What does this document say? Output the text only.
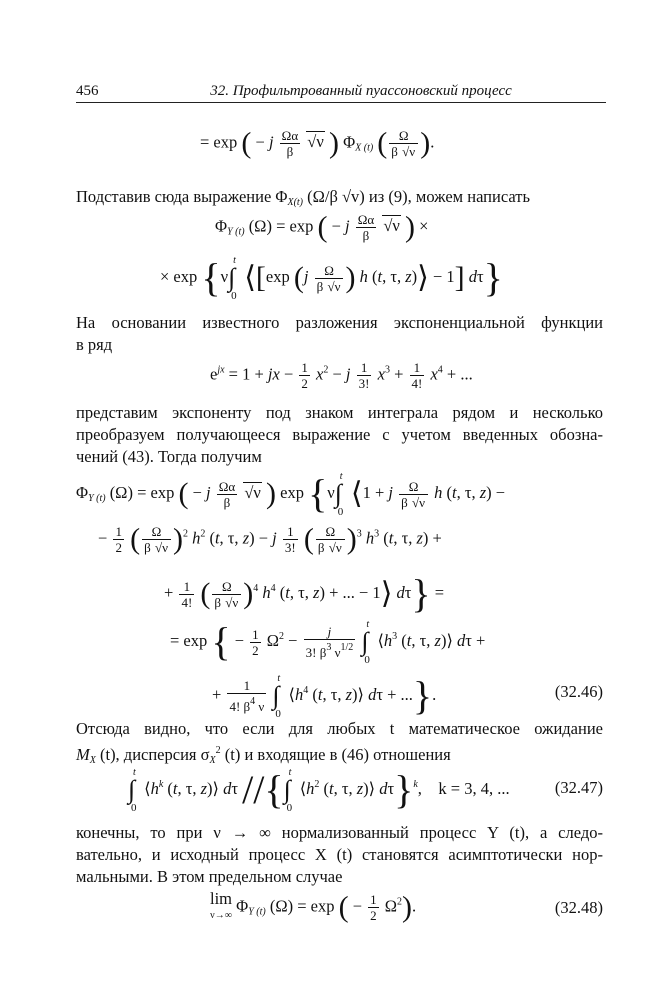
456	32. Профильтрованный пуассоновский процесс
= exp ( − j $\frac{\Omega\alpha}{\beta} √\nu$ ) $\Phi_{X (t)}$ ( $\frac{\Omega}{\beta √\nu}$ ).
Подставив сюда выражение $\Phi_{X(t)}$ (Ω/β √v) из (9), можем написать
$\Phi_{Y (t)}$ (Ω) = exp ( − j $\frac{\Omega\alpha}{\beta} √\nu$ ) ×
× exp {ν∫
t
0
⟨[exp ($j \frac{\Omega}{\beta √\nu}$ ) h (t, τ, z)⟩ − 1] dτ}
На основании известного разложения экспоненциальной функции
в ряд
$e^{jx} = 1$ + jx − $\frac{1}{2} x^2 - j \frac{1}{3!} x^3 + \frac{1}{4!} x^4$ + ...
представим экспоненту под знаком интеграла рядом и несколько
преобразуем получающееся выражение с учетом введенных обозна-
чений (43). Тогда получим
$\Phi_{Y (t)}$ (Ω) = exp ( − j $\frac{\Omega\alpha}{\beta} √\nu$ ) exp {ν∫
t
0
⟨1 + j $\frac{\Omega}{\beta √\nu}$ h (t, τ, z) −
− $\frac{1}{2}$ ( $\frac{\Omega}{\beta √\nu} )^2$ $h^2$ (t, τ, z) − j $\frac{1}{3!}$ ( $\frac{\Omega}{\beta √\nu} )^3$ $h^3$ (t, τ, z) +
+ $\frac{1}{4!}$ ( $\frac{\Omega}{\beta √\nu} )^4$ $h^4$ (t, τ, z) + ... − 1⟩ dτ} =
= exp { − $\frac{1}{2} \Omega^2 - \frac{j}{3! \beta^3 \nu^{1/2}}$ ∫
t
0
$⟨h^3$ (t, τ, z)⟩ dτ +
+ $\frac{1}{4! \beta^4 \nu}$ ∫
t
0
$⟨h^4$ (t, τ, z)⟩ dτ + ...}.	(32.46)
Отсюда видно, что если для любых t математическое ожидание
$M_X$ (t), дисперсия $\sigma_X^2$ (t) и входящие в (46) отношения
∫
t
0
$⟨h^k$ (t, τ, z)⟩ dτ //{∫
t
0
$⟨h^2$ (t, τ, z)⟩ dτ}$^k$,    k = 3, 4, ...	(32.47)
конечны, то при ν → ∞ нормализованный процесс Y (t), а следо-
вательно, и исходный процесс X (t) становятся асимптотически нор-
мальными. В этом предельном случае
lim
ν→∞ $\Phi_{Y (t)}$ (Ω) = exp ( − $\frac{1}{2} \Omega^2$).	(32.48)
